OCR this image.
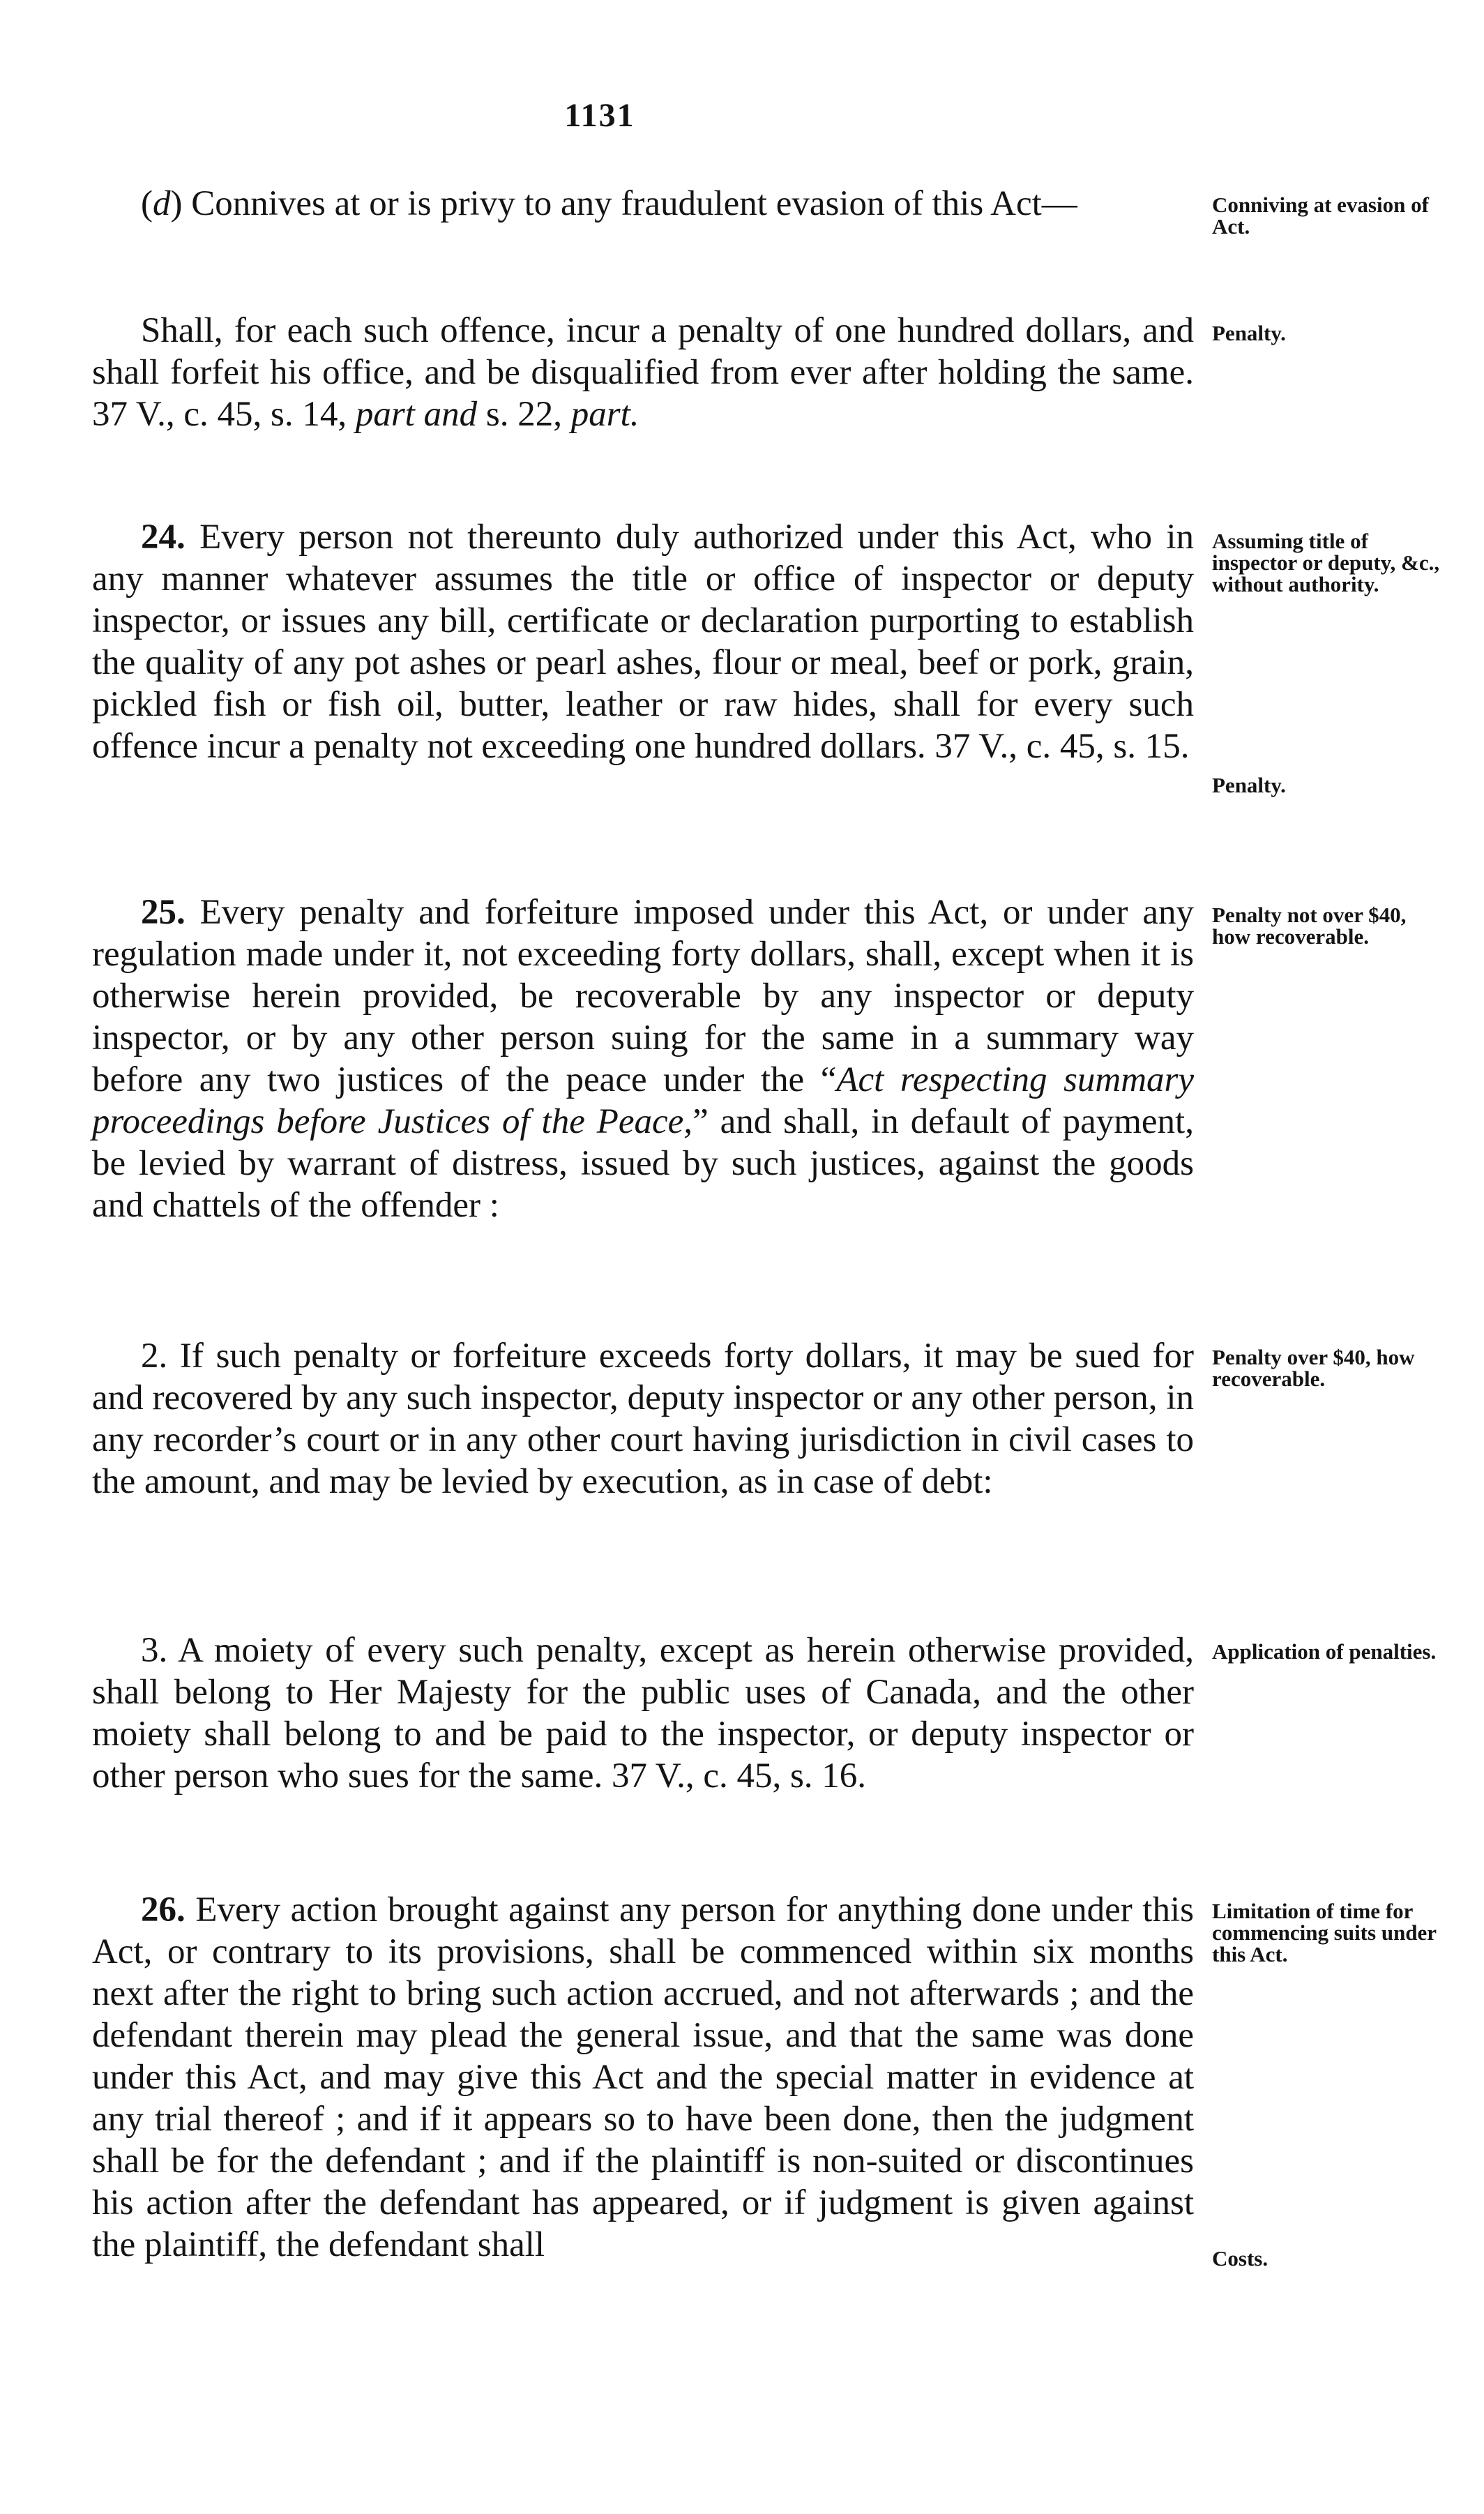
1131

(d) Connives at or is privy to any fraudulent evasion of this Act—	Conniving at evasion of Act.

Shall, for each such offence, incur a penalty of one hundred dollars, and shall forfeit his office, and be disqualified from ever after holding the same. 37 V., c. 45, s. 14, part and s. 22, part.

Penalty.

24. Every person not thereunto duly authorized under this Act, who in any manner whatever assumes the title or office of inspector or deputy inspector, or issues any bill, certificate or declaration purporting to establish the quality of any pot ashes or pearl ashes, flour or meal, beef or pork, grain, pickled fish or fish oil, butter, leather or raw hides, shall for every such offence incur a penalty not exceeding one hundred dollars. 37 V., c. 45, s. 15.

Assuming title of inspector or deputy, &c., without authority.
Penalty.

25. Every penalty and forfeiture imposed under this Act, or under any regulation made under it, not exceeding forty dollars, shall, except when it is otherwise herein provided, be recoverable by any inspector or deputy inspector, or by any other person suing for the same in a summary way before any two justices of the peace under the “Act respecting summary proceedings before Justices of the Peace,” and shall, in default of payment, be levied by warrant of distress, issued by such justices, against the goods and chattels of the offender :

Penalty not over $40, how recoverable.

2. If such penalty or forfeiture exceeds forty dollars, it may be sued for and recovered by any such inspector, deputy inspector or any other person, in any recorder’s court or in any other court having jurisdiction in civil cases to the amount, and may be levied by execution, as in case of debt:

Penalty over $40, how recoverable.

3. A moiety of every such penalty, except as herein otherwise provided, shall belong to Her Majesty for the public uses of Canada, and the other moiety shall belong to and be paid to the inspector, or deputy inspector or other person who sues for the same. 37 V., c. 45, s. 16.

Application of penalties.

26. Every action brought against any person for anything done under this Act, or contrary to its provisions, shall be commenced within six months next after the right to bring such action accrued, and not afterwards ; and the defendant therein may plead the general issue, and that the same was done under this Act, and may give this Act and the special matter in evidence at any trial thereof ; and if it appears so to have been done, then the judgment shall be for the defendant ; and if the plaintiff is non-suited or discontinues his action after the defendant has appeared, or if judgment is given against the plaintiff, the defendant shall

Limitation of time for commencing suits under this Act.
Costs.
